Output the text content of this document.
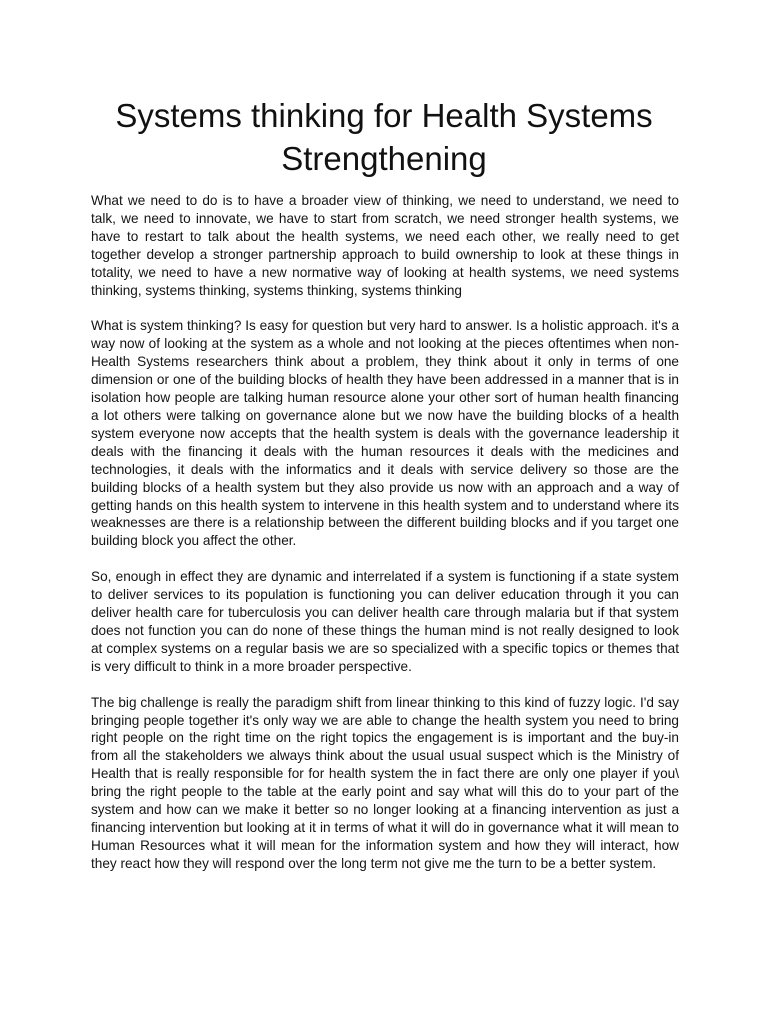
Systems thinking for Health Systems Strengthening

What we need to do is to have a broader view of thinking, we need to understand, we need to talk, we need to innovate, we have to start from scratch, we need stronger health systems, we have to restart to talk about the health systems, we need each other, we really need to get together develop a stronger partnership approach to build ownership to look at these things in totality, we need to have a new normative way of looking at health systems, we need systems thinking, systems thinking, systems thinking, systems thinking

What is system thinking? Is easy for question but very hard to answer. Is a holistic approach. it's a way now of looking at the system as a whole and not looking at the pieces oftentimes when non-Health Systems researchers think about a problem, they think about it only in terms of one dimension or one of the building blocks of health they have been addressed in a manner that is in isolation how people are talking human resource alone your other sort of human health financing a lot others were talking on governance alone but we now have the building blocks of a health system everyone now accepts that the health system is deals with the governance leadership it deals with the financing it deals with the human resources it deals with the medicines and technologies, it deals with the informatics and it deals with service delivery so those are the building blocks of a health system but they also provide us now with an approach and a way of getting hands on this health system to intervene in this health system and to understand where its weaknesses are there is a relationship between the different building blocks and if you target one building block you affect the other.

So, enough in effect they are dynamic and interrelated if a system is functioning if a state system to deliver services to its population is functioning you can deliver education through it you can deliver health care for tuberculosis you can deliver health care through malaria but if that system does not function you can do none of these things the human mind is not really designed to look at complex systems on a regular basis we are so specialized with a specific topics or themes that is very difficult to think in a more broader perspective.

The big challenge is really the paradigm shift from linear thinking to this kind of fuzzy logic. I'd say bringing people together it's only way we are able to change the health system you need to bring right people on the right time on the right topics the engagement is is important and the buy-in from all the stakeholders we always think about the usual usual suspect which is the Ministry of Health that is really responsible for for health system the in fact there are only one player if you\ bring the right people to the table at the early point and say what will this do to your part of the system and how can we make it better so no longer looking at a financing intervention as just a financing intervention but looking at it in terms of what it will do in governance what it will mean to Human Resources what it will mean for the information system and how they will interact, how they react how they will respond over the long term not give me the turn to be a better system.
